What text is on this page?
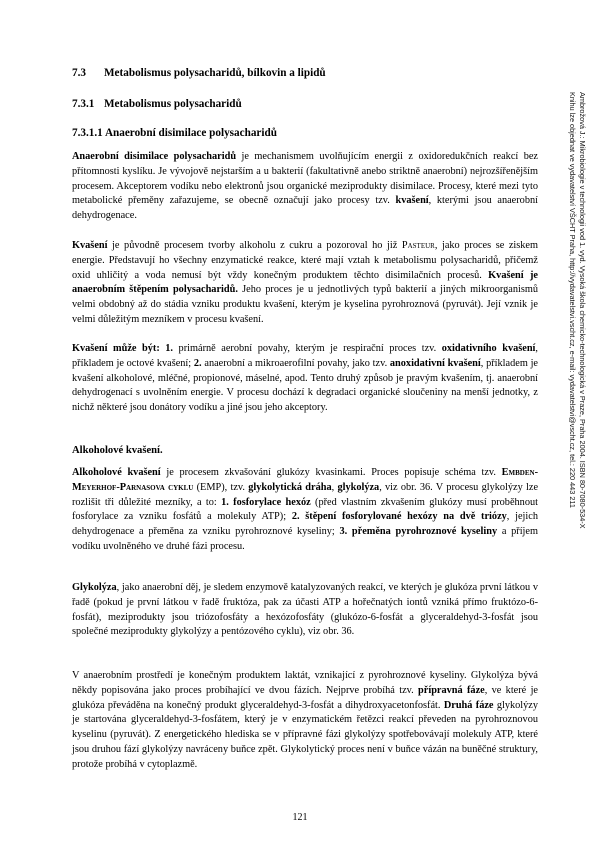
Ambrožová J.: Mikrobiologie v technologii vod 1. vyd. Vysoká škola chemicko-technologická v Praze, Praha 2004. ISBN 80-7080-534-X
Knihu lze objednat ve vydavatelství VŠCHT Praha, http://vydavatelstvi.vscht.cz, e-mail: vydavatelstvi@vscht.cz, tel.: 220 443 211
7.3 Metabolismus polysacharidů, bílkovin a lipidů
7.3.1 Metabolismus polysacharidů
7.3.1.1 Anaerobní disimilace polysacharidů
Anaerobní disimilace polysacharidů je mechanismem uvolňujícím energii z oxidoredukčních reakcí bez přítomnosti kyslíku. Je vývojově nejstarším a u bakterií (fakultativně anebo striktně anaerobní) nejrozšířenějším procesem. Akceptorem vodíku nebo elektronů jsou organické meziprodukty disimilace. Procesy, které mezi tyto metabolické přeměny zařazujeme, se obecně označují jako procesy tzv. kvašení, kterými jsou anaerobní dehydrogenace.
Kvašení je původně procesem tvorby alkoholu z cukru a pozoroval ho již Pasteur, jako proces se ziskem energie. Představují ho všechny enzymatické reakce, které mají vztah k metabolismu polysacharidů, přičemž oxid uhličitý a voda nemusí být vždy konečným produktem těchto disimilačních procesů. Kvašení je anaerobním štěpením polysacharidů. Jeho proces je u jednotlivých typů bakterií a jiných mikroorganismů velmi obdobný až do stádia vzniku produktu kvašení, kterým je kyselina pyrohroznová (pyruvát). Její vznik je velmi důležitým mezníkem v procesu kvašení.
Kvašení může být: 1. primárně aerobní povahy, kterým je respirační proces tzv. oxidativního kvašení, příkladem je octové kvašení; 2. anaerobní a mikroaerofilní povahy, jako tzv. anoxidativní kvašení, příkladem je kvašení alkoholové, mléčné, propionové, máselné, apod. Tento druhý způsob je pravým kvašením, tj. anaerobní dehydrogenací s uvolněním energie. V procesu dochází k degradaci organické sloučeniny na menší jednotky, z nichž některé jsou donátory vodíku a jiné jsou jeho akceptory.
Alkoholové kvašení.
Alkoholové kvašení je procesem zkvašování glukózy kvasinkami. Proces popisuje schéma tzv. Embden-Meyerhof-Parnasova cyklu (EMP), tzv. glykolytická dráha, glykolýza, viz obr. 36. V procesu glykolýzy lze rozlišit tři důležité mezníky, a to: 1. fosforylace hexóz (před vlastním zkvašením glukózy musí proběhnout fosforylace za vzniku fosfátů a molekuly ATP); 2. štěpení fosforylované hexózy na dvě triózy, jejich dehydrogenace a přeměna za vzniku pyrohroznové kyseliny; 3. přeměna pyrohroznové kyseliny a příjem vodíku uvolněného ve druhé fázi procesu.
Glykolýza, jako anaerobní děj, je sledem enzymově katalyzovaných reakcí, ve kterých je glukóza první látkou v řadě (pokud je první látkou v řadě fruktóza, pak za účasti ATP a hořečnatých iontů vzniká přímo fruktózo-6-fosfát), meziprodukty jsou triózofosfáty a hexózofosfáty (glukózo-6-fosfát a glyceraldehyd-3-fosfát jsou společné meziprodukty glykolýzy a pentózového cyklu), viz obr. 36.
V anaerobním prostředí je konečným produktem laktát, vznikající z pyrohroznové kyseliny. Glykolýza bývá někdy popisována jako proces probíhající ve dvou fázích. Nejprve probíhá tzv. přípravná fáze, ve které je glukóza převáděna na konečný produkt glyceraldehyd-3-fosfát a dihydroxyacetonfosfát. Druhá fáze glykolýzy je startována glyceraldehyd-3-fosfátem, který je v enzymatickém řetězci reakcí převeden na pyrohroznovou kyselinu (pyruvát). Z energetického hlediska se v přípravné fázi glykolýzy spotřebovávají molekuly ATP, které jsou druhou fází glykolýzy navráceny buňce zpět. Glykolytický proces není v buňce vázán na buněčné struktury, protože probíhá v cytoplazmě.
121
